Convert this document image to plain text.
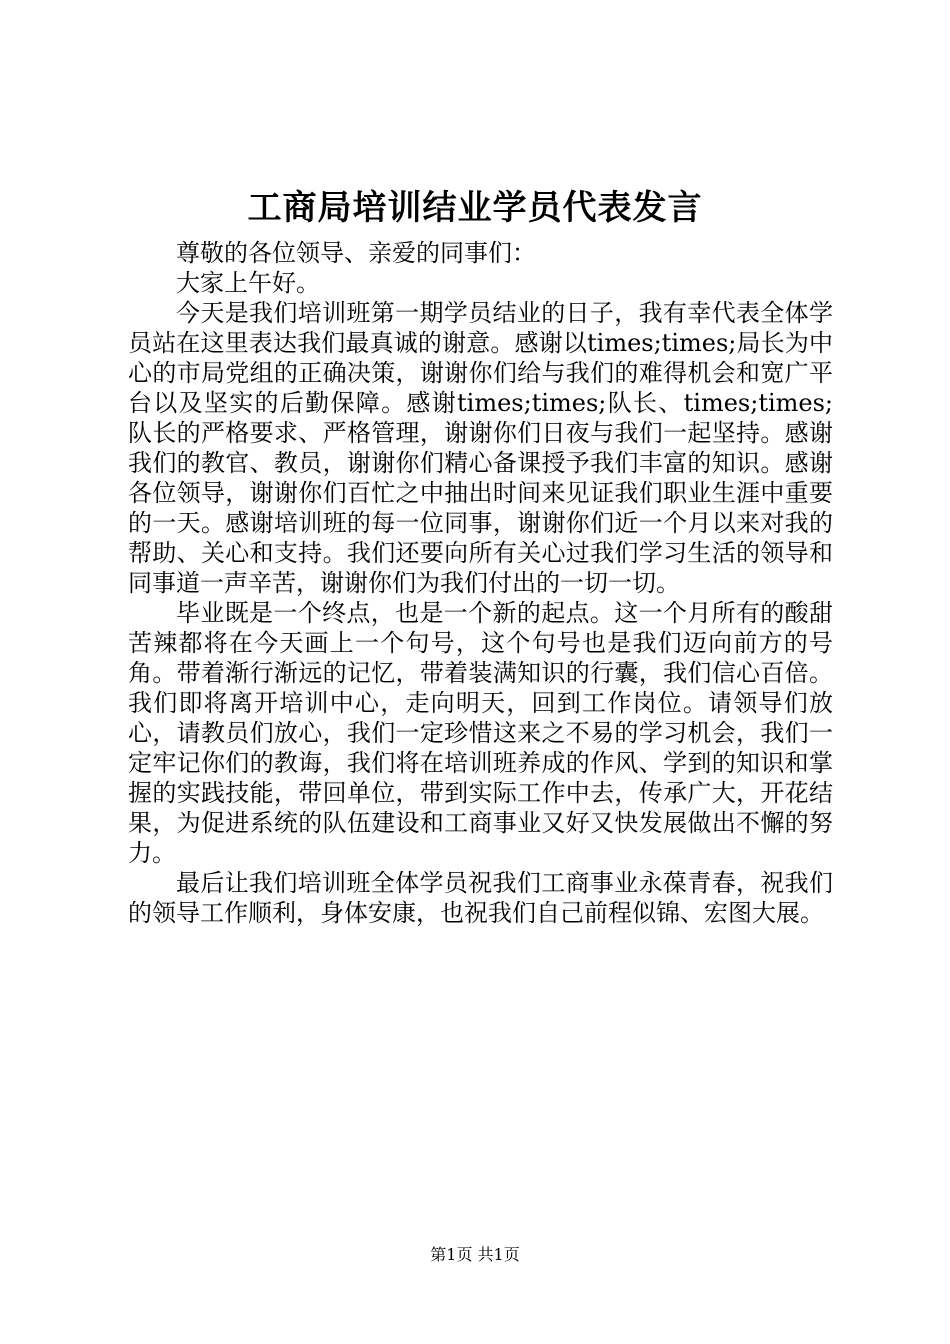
工商局培训结业学员代表发言

尊敬的各位领导、亲爱的同事们：

大家上午好。

今天是我们培训班第一期学员结业的日子，我有幸代表全体学员站在这里表达我们最真诚的谢意。感谢以times;times;局长为中心的市局党组的正确决策，谢谢你们给与我们的难得机会和宽广平台以及坚实的后勤保障。感谢times;times;队长、times;times;队长的严格要求、严格管理，谢谢你们日夜与我们一起坚持。感谢我们的教官、教员，谢谢你们精心备课授予我们丰富的知识。感谢各位领导，谢谢你们百忙之中抽出时间来见证我们职业生涯中重要的一天。感谢培训班的每一位同事，谢谢你们近一个月以来对我的帮助、关心和支持。我们还要向所有关心过我们学习生活的领导和同事道一声辛苦，谢谢你们为我们付出的一切一切。

毕业既是一个终点，也是一个新的起点。这一个月所有的酸甜苦辣都将在今天画上一个句号，这个句号也是我们迈向前方的号角。带着渐行渐远的记忆，带着装满知识的行囊，我们信心百倍。我们即将离开培训中心，走向明天，回到工作岗位。请领导们放心，请教员们放心，我们一定珍惜这来之不易的学习机会，我们一定牢记你们的教诲，我们将在培训班养成的作风、学到的知识和掌握的实践技能，带回单位，带到实际工作中去，传承广大，开花结果，为促进系统的队伍建设和工商事业又好又快发展做出不懈的努力。

最后让我们培训班全体学员祝我们工商事业永葆青春，祝我们的领导工作顺利，身体安康，也祝我们自己前程似锦、宏图大展。

第1页 共1页
